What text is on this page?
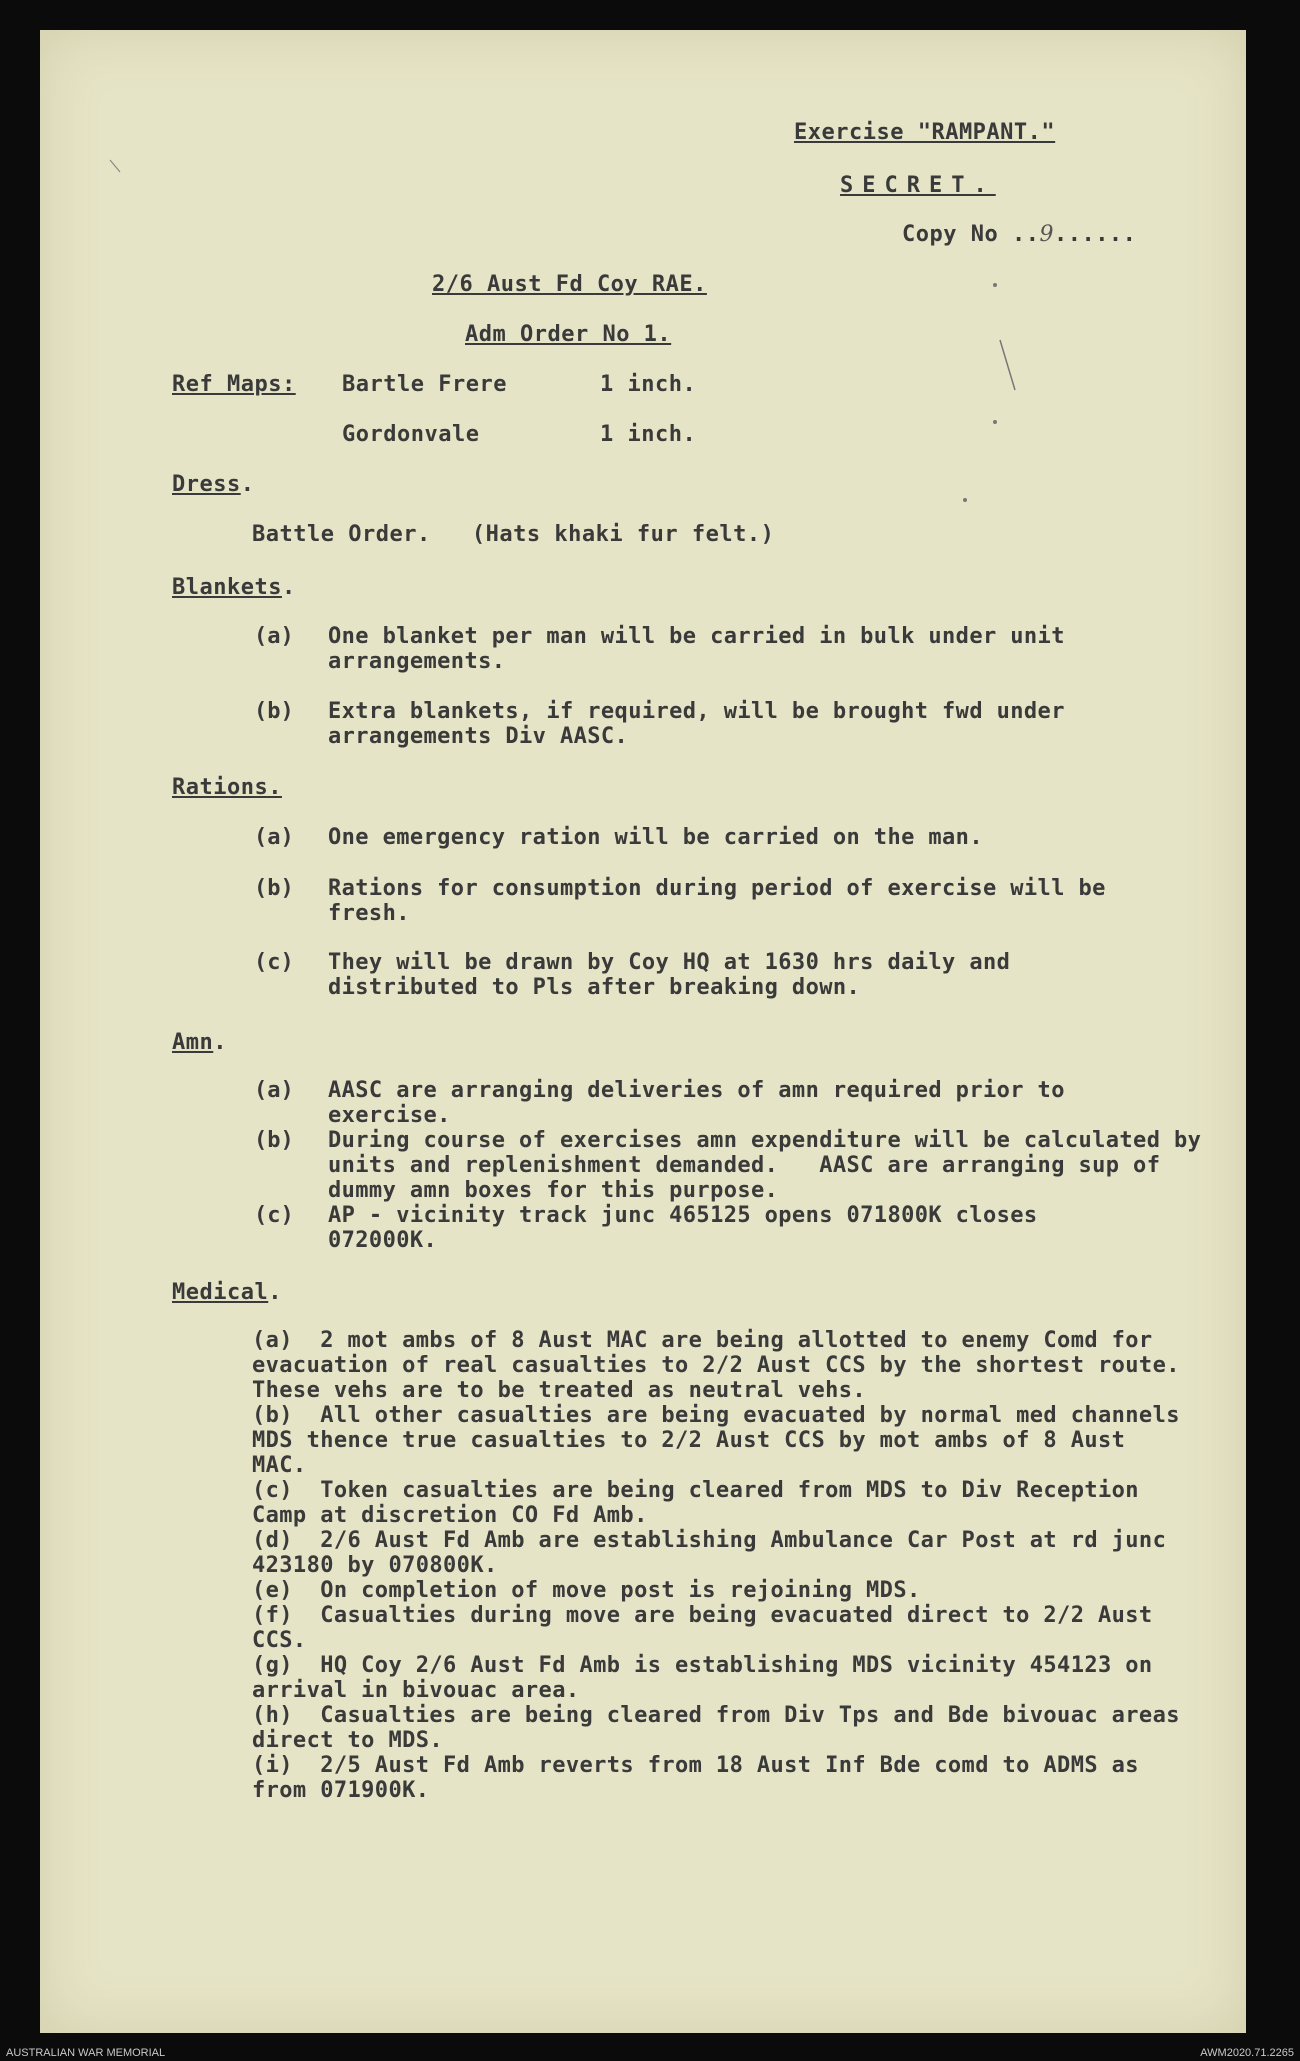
Exercise "RAMPANT."
SECRET.
Copy No ..9......
2/6 Aust Fd Coy RAE.
Adm Order No 1.
Ref Maps: Bartle Frere	1 inch.
Gordonvale	1 inch.
Dress.
Battle Order.   (Hats khaki fur felt.)
Blankets.
(a) One blanket per man will be carried in bulk under unit arrangements.
(b) Extra blankets, if required, will be brought fwd under arrangements Div AASC.
Rations.
(a) One emergency ration will be carried on the man.
(b) Rations for consumption during period of exercise will be fresh.
(c) They will be drawn by Coy HQ at 1630 hrs daily and distributed to Pls after breaking down.
Amn.
(a) AASC are arranging deliveries of amn required prior to exercise.
(b) During course of exercises amn expenditure will be calculated by units and replenishment demanded.   AASC are arranging sup of dummy amn boxes for this purpose.
(c) AP - vicinity track junc 465125 opens 071800K closes 072000K.
Medical.
(a)  2 mot ambs of 8 Aust MAC are being allotted to enemy Comd for evacuation of real casualties to 2/2 Aust CCS by the shortest route.   These vehs are to be treated as neutral vehs.
(b)  All other casualties are being evacuated by normal med channels MDS thence true casualties to 2/2 Aust CCS by mot ambs of 8 Aust MAC.
(c)  Token casualties are being cleared from MDS to Div Reception Camp at discretion CO Fd Amb.
(d)  2/6 Aust Fd Amb are establishing Ambulance Car Post at rd junc 423180 by 070800K.
(e)  On completion of move post is rejoining MDS.
(f)  Casualties during move are being evacuated direct to 2/2 Aust CCS.
(g)  HQ Coy 2/6 Aust Fd Amb is establishing MDS vicinity 454123 on arrival in bivouac area.
(h)  Casualties are being cleared from Div Tps and Bde bivouac areas direct to MDS.
(i)  2/5 Aust Fd Amb reverts from 18 Aust Inf Bde comd to ADMS as from 071900K.
AUSTRALIAN WAR MEMORIAL	AWM2020.71.2265
